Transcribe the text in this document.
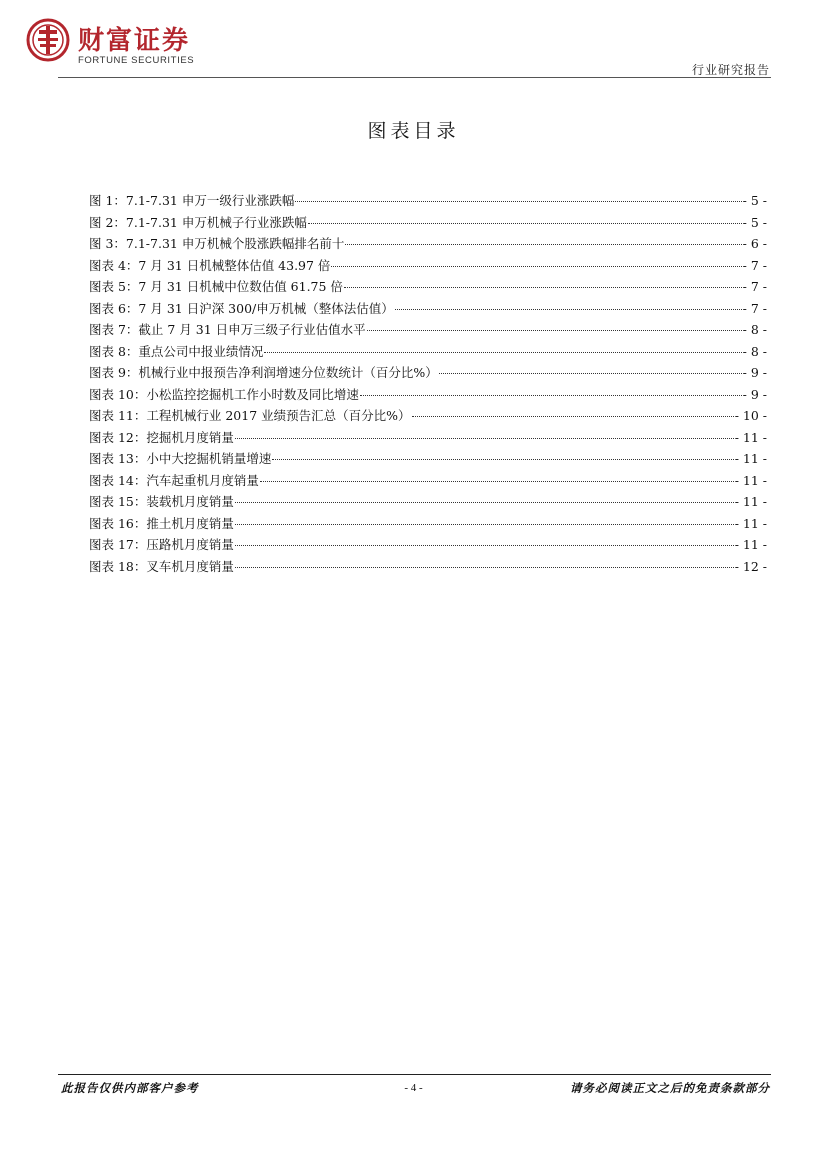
财富证券
FORTUNE SECURITIES
行业研究报告
图表目录
图 1：7.1-7.31 申万一级行业涨跌幅	- 5 -
图 2：7.1-7.31 申万机械子行业涨跌幅	- 5 -
图 3：7.1-7.31 申万机械个股涨跌幅排名前十	- 6 -
图表 4：7 月 31 日机械整体估值 43.97 倍	- 7 -
图表 5：7 月 31 日机械中位数估值 61.75 倍	- 7 -
图表 6：7 月 31 日沪深 300/申万机械（整体法估值）	- 7 -
图表 7：截止 7 月 31 日申万三级子行业估值水平	- 8 -
图表 8：重点公司中报业绩情况	- 8 -
图表 9：机械行业中报预告净利润增速分位数统计（百分比%）	- 9 -
图表 10：小松监控挖掘机工作小时数及同比增速	- 9 -
图表 11：工程机械行业 2017 业绩预告汇总（百分比%）	- 10 -
图表 12：挖掘机月度销量	- 11 -
图表 13：小中大挖掘机销量增速	- 11 -
图表 14：汽车起重机月度销量	- 11 -
图表 15：装载机月度销量	- 11 -
图表 16：推土机月度销量	- 11 -
图表 17：压路机月度销量	- 11 -
图表 18：叉车机月度销量	- 12 -
此报告仅供内部客户参考	- 4 -	请务必阅读正文之后的免责条款部分
